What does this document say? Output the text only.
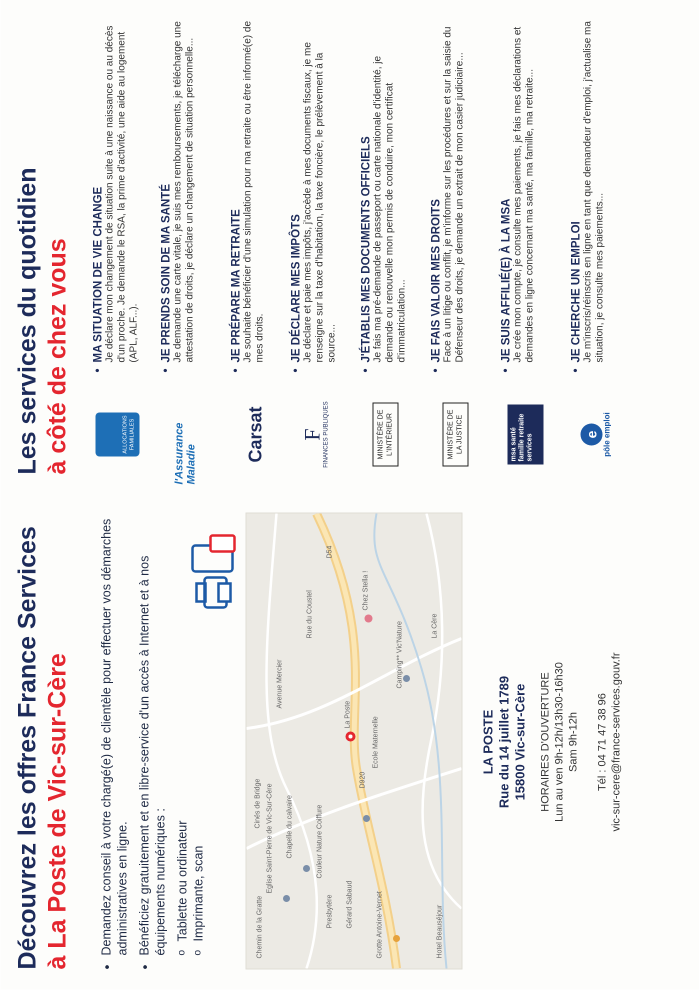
Découvrez les offres France Services à La Poste de Vic-sur-Cère • Demandez conseil à votre chargé(e) de clientèle pour effectuer vos démarches administratives en ligne. • Bénéficiez gratuitement et en libre-service d'un accès à Internet et à nos équipements numériques : o Tablette ou ordinateur o Imprimante, scan
La Poste
Chez Stella !
Camping** Vic'Nature
Ecole Maternelle
Hotel Beauséjour
Chapelle du calvaire
Eglise Saint-Pierre de Vic-Sur-Cère	Couleur Nature Coiffure
Presbytère Gérard Sabaud	Grotte Antoine-Vernet
Cinés de Bridge
Chemin de la Gratte
La Cère
Avenue Mercier
Rue du Coustel
D920
D54
LA POSTE Rue du 14 juillet 1789 15800 Vic-sur-Cère HORAIRES D'OUVERTURE Lun au ven 9h-12h/13h30-16h30 Sam 9h-12h Tél : 04 71 47 38 96 vic-sur-cere@france-services.gouv.fr
Les services du quotidien à côté de chez vous	ALLOCATIONS FAMILIALES
• MA SITUATION DE VIE CHANGE Je déclare mon changement de situation suite à une naissance ou au décès d'un proche. Je demande le RSA, la prime d'activité, une aide au logement (APL, ALF...).
l'Assurance Maladie
• JE PRENDS SOIN DE MA SANTÉ Je demande une carte vitale, je suis mes remboursements, je télécharge une attestation de droits, je déclare un changement de situation personnelle...
Carsat
• JE PRÉPARE MA RETRAITE Je souhaite bénéficier d'une simulation pour ma retraite ou être informé(e) de mes droits.
F FINANCES PUBLIQUES
• JE DÉCLARE MES IMPÔTS Je déclare et paie mes impôts, j'accède à mes documents fiscaux, je me renseigne sur la taxe d'habitation, la taxe foncière, le prélèvement à la source...
MINISTÈRE DE L'INTÉRIEUR
• J'ÉTABLIS MES DOCUMENTS OFFICIELS Je fais ma pré-demande de passeport ou carte nationale d'identité, je demande ou renouvelle mon permis de conduire, mon certificat d'immatriculation...
MINISTÈRE DE LA JUSTICE
• JE FAIS VALOIR MES DROITS Face à un litige ou conflit, je m'informe sur les procédures et sur la saisie du Défenseur des droits, je demande un extrait de mon casier judiciaire...
msa santé famille retraite services
• JE SUIS AFFILIÉ(E) À LA MSA Je crée mon compte, je consulte mes paiements, je fais mes déclarations et demandes en ligne concernant ma santé, ma famille, ma retraite...
e pôle emploi
• JE CHERCHE UN EMPLOI Je m'inscris/réinscris en ligne en tant que demandeur d'emploi, j'actualise ma situation, je consulte mes paiements...
